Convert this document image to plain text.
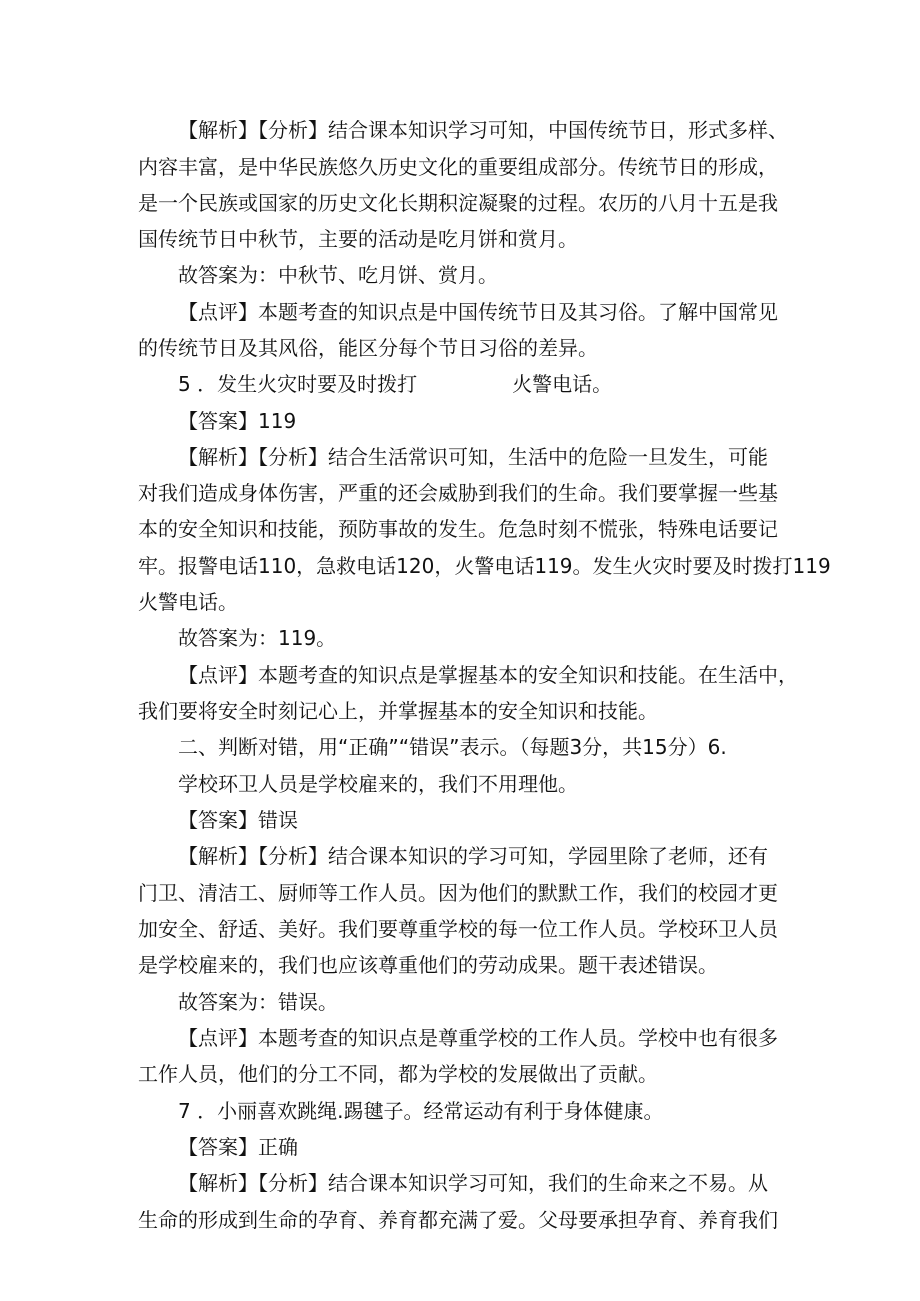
【解析】【分析】结合课本知识学习可知，中国传统节日，形式多样、
内容丰富，是中华民族悠久历史文化的重要组成部分。传统节日的形成，
是一个民族或国家的历史文化长期积淀凝聚的过程。农历的八月十五是我
国传统节日中秋节，主要的活动是吃月饼和赏月。
故答案为：中秋节、吃月饼、赏月。
【点评】本题考查的知识点是中国传统节日及其习俗。了解中国常见
的传统节日及其风俗，能区分每个节日习俗的差异。
5 ．发生火灾时要及时拨打	火警电话。
【答案】119
【解析】【分析】结合生活常识可知，生活中的危险一旦发生，可能
对我们造成身体伤害，严重的还会威胁到我们的生命。我们要掌握一些基
本的安全知识和技能，预防事故的发生。危急时刻不慌张，特殊电话要记
牢。报警电话110，急救电话120，火警电话119。发生火灾时要及时拨打119
火警电话。
故答案为：119。
【点评】本题考查的知识点是掌握基本的安全知识和技能。在生活中，
我们要将安全时刻记心上，并掌握基本的安全知识和技能。
二、判断对错，用“正确”“错误”表示。（每题3分，共15分）6.
学校环卫人员是学校雇来的，我们不用理他。
【答案】错误
【解析】【分析】结合课本知识的学习可知，学园里除了老师，还有
门卫、清洁工、厨师等工作人员。因为他们的默默工作，我们的校园才更
加安全、舒适、美好。我们要尊重学校的每一位工作人员。学校环卫人员
是学校雇来的，我们也应该尊重他们的劳动成果。题干表述错误。
故答案为：错误。
【点评】本题考查的知识点是尊重学校的工作人员。学校中也有很多
工作人员，他们的分工不同，都为学校的发展做出了贡献。
7 ．小丽喜欢跳绳.踢毽子。经常运动有利于身体健康。
【答案】正确
【解析】【分析】结合课本知识学习可知，我们的生命来之不易。从
生命的形成到生命的孕育、养育都充满了爱。父母要承担孕育、养育我们
